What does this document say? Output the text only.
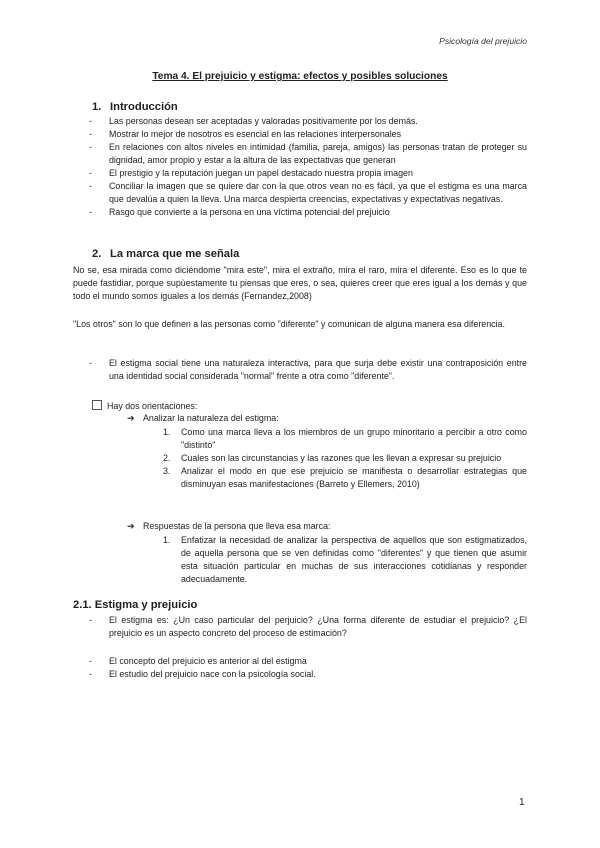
Psicología del prejuicio
Tema 4. El prejuicio y estigma: efectos y posibles soluciones
1. Introducción
- Las personas desean ser aceptadas y valoradas positivamente por los demás.
- Mostrar lo mejor de nosotros es esencial en las relaciones interpersonales
- En relaciones con altos niveles en intimidad (familia, pareja, amigos) las personas tratan de proteger su dignidad, amor propio y estar a la altura de las expectativas que generan
- El prestigio y la reputación juegan un papel destacado nuestra propia imagen
- Conciliar la imagen que se quiere dar con la que otros vean no es fácil, ya que el estigma es una marca que devalúa a quien la lleva. Una marca despierta creencias, expectativas y expectativas negativas.
- Rasgo que convierte a la persona en una víctima potencial del prejuicio
2. La marca que me señala
No se, esa mirada como diciéndome "mira este", mira el extraño, mira el raro, mira el diferente. Eso es lo que te puede fastidiar, porque supùestamente tu piensas que eres, o sea, quieres creer que eres igual a los demás y que todo el mundo somos iguales a los demás (Fernandez,2008)
"Los otros" son lo que definen a las personas como "diferente" y comunican de alguna manera esa diferencia.
- El estigma social tiene una naturaleza interactiva, para que surja debe existir una contraposición entre una identidad social considerada "normal" frente a otra como "diferente".
Hay dos orientaciones:
➔ Analizar la naturaleza del estigma:
1. Como una marca lleva a los miembros de un grupo minoritario a percibir a otro como "distinto"
2. Cuales son las circunstancias y las razones que les llevan a expresar su prejuicio
3. Analizar el modo en que ese prejuicio se manifiesta o desarrollar estrategias que disminuyan esas manifestaciones (Barreto y Ellemers, 2010)
➔ Respuestas de la persona que lleva esa marca:
1. Enfatizar la necesidad de analizar la perspectiva de aquellos que son estigmatizados, de aquella persona que se ven definidas como "diferentes" y que tienen que asumir esta situación particular en muchas de sus interacciones cotidianas y responder adecuadamente.
2.1. Estigma y prejuicio
- El estigma es: ¿Un caso particular del perjuicio? ¿Una forma diferente de estudiar el prejuicio? ¿El prejuicio es un aspecto concreto del proceso de estimación?
- El concepto del prejuicio es anterior al del estigma
- El estudio del prejuicio nace con la psicología social.
1
